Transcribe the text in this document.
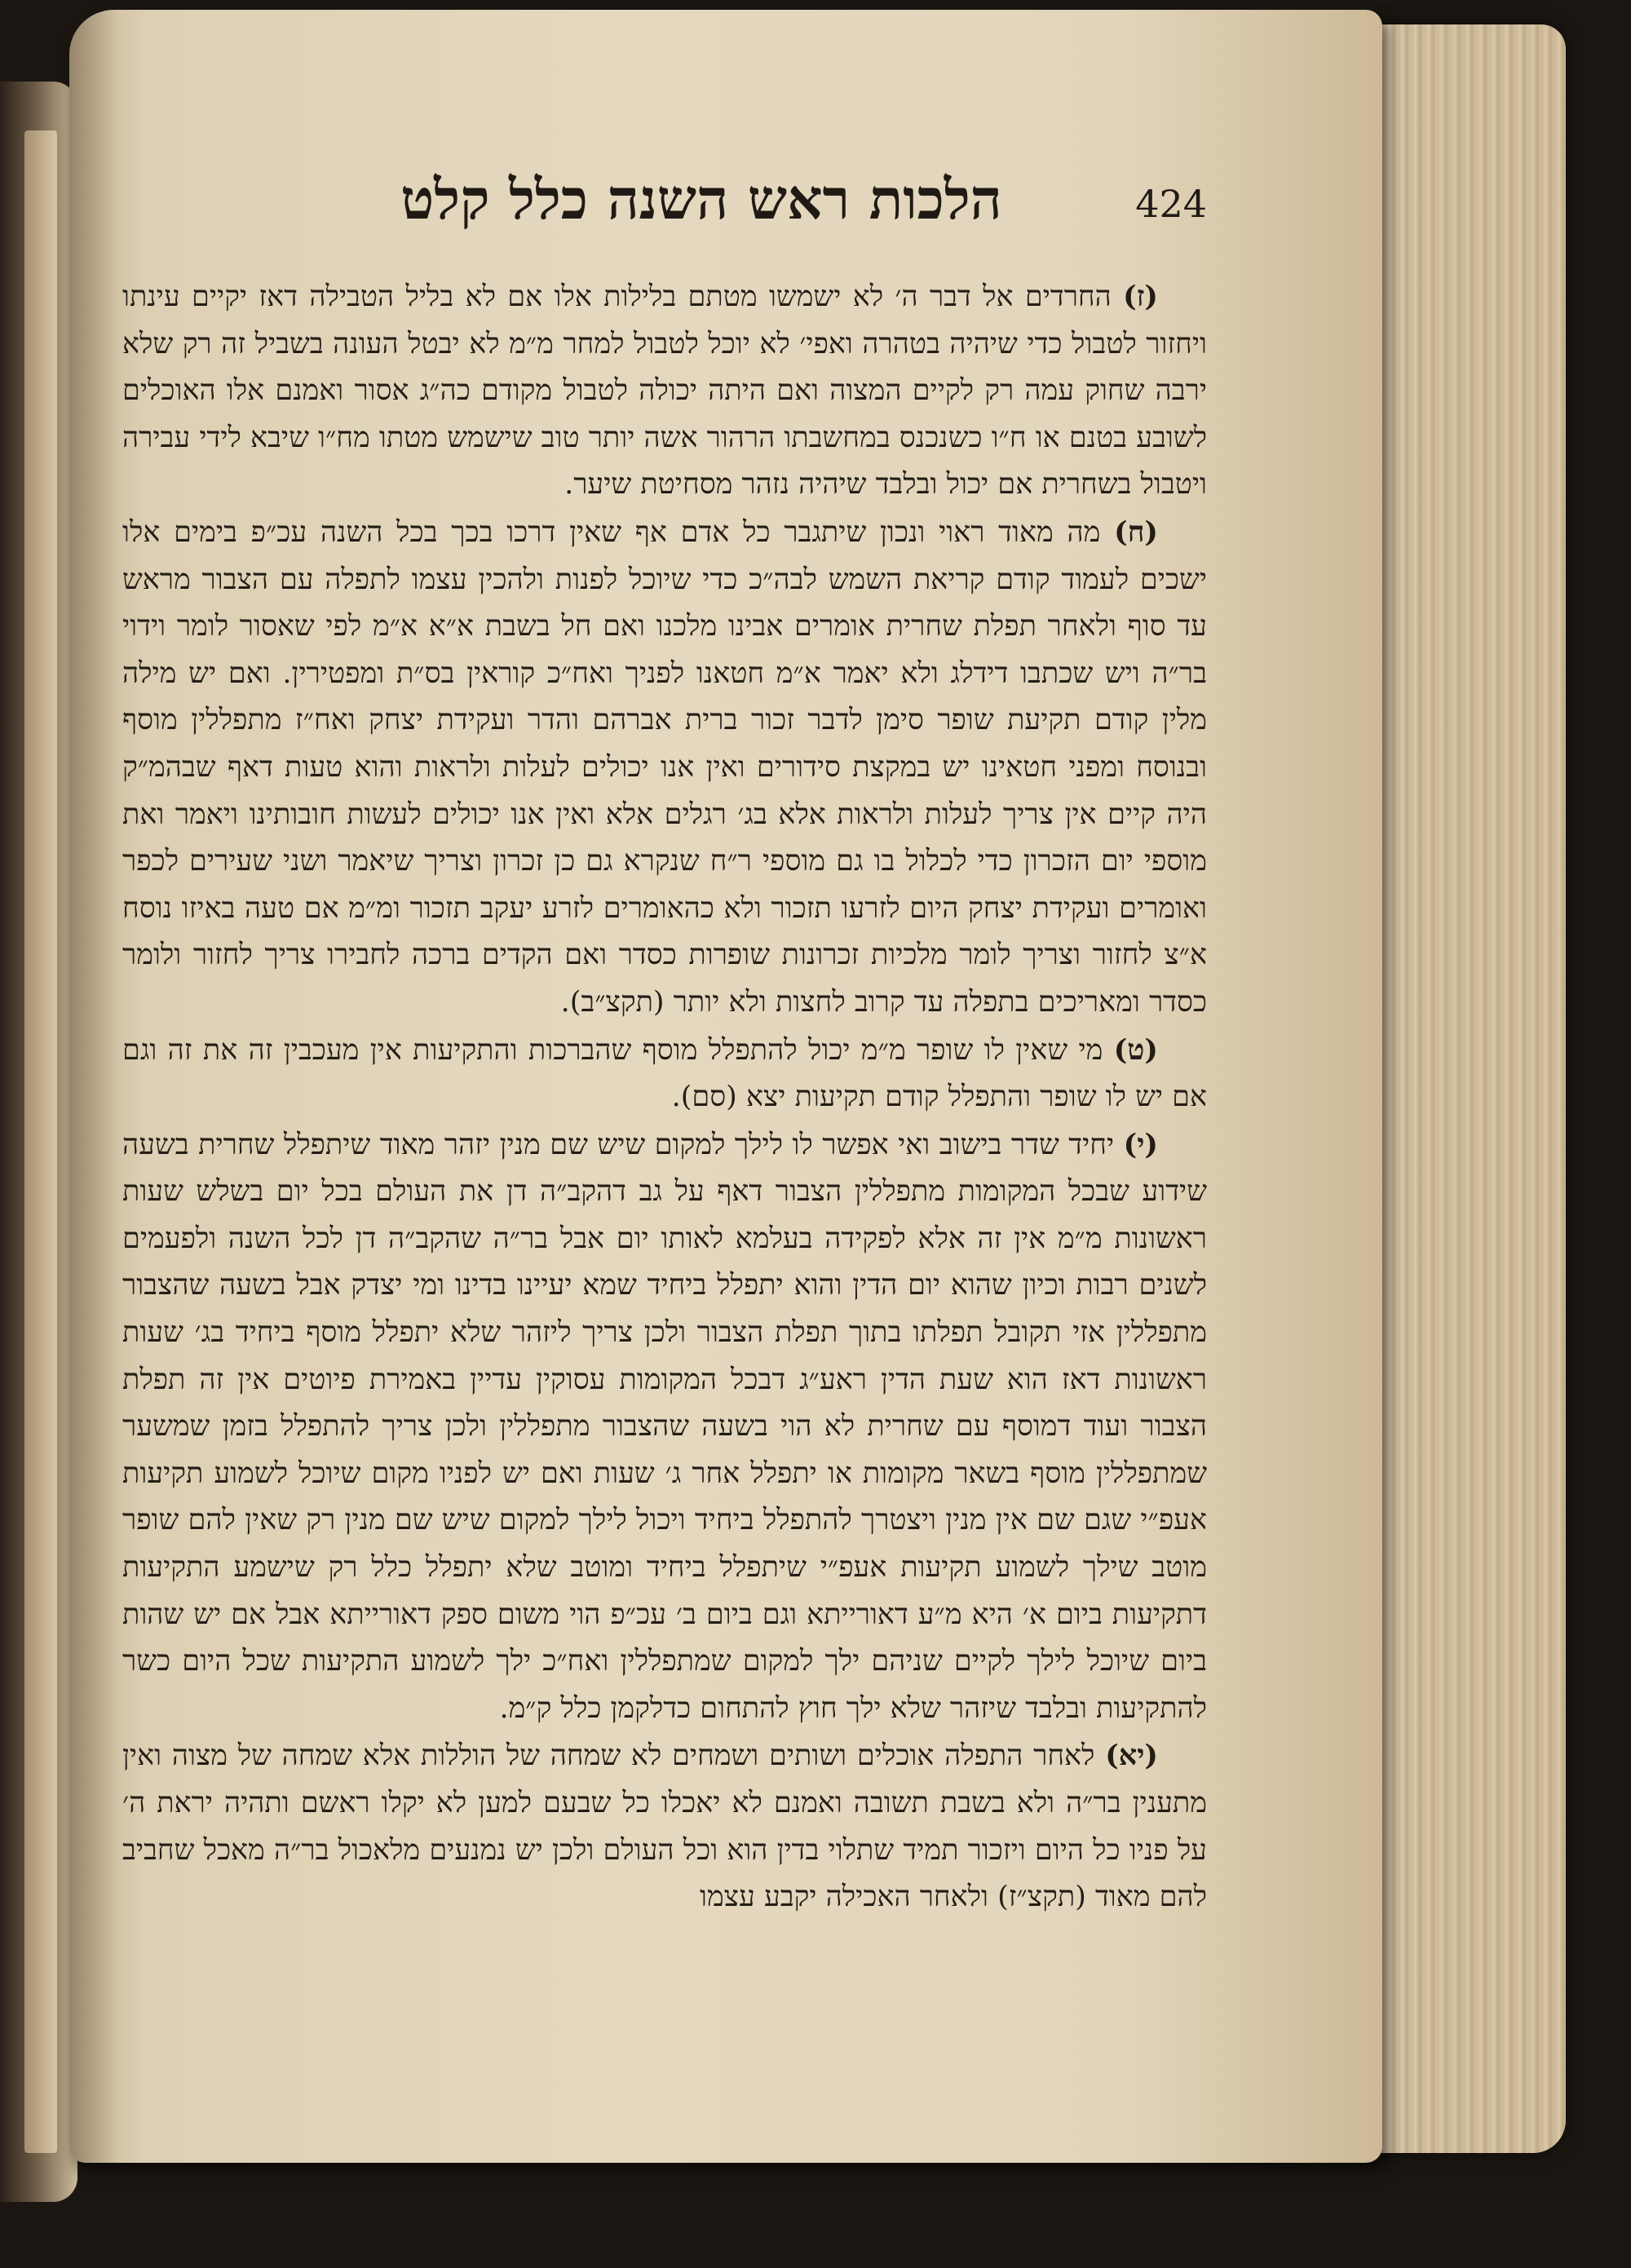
הלכות ראש השנה כלל קלט	424

(ז) החרדים אל דבר ה׳ לא ישמשו מטתם בלילות אלו אם לא בליל הטבילה דאז יקיים עינתו ויחזור לטבול כדי שיהיה בטהרה ואפי׳ לא יוכל לטבול למחר מ״מ לא יבטל העונה בשביל זה רק שלא ירבה שחוק עמה רק לקיים המצוה ואם היתה יכולה לטבול מקודם כה״ג אסור ואמנם אלו האוכלים לשובע בטנם או ח״ו כשנכנס במחשבתו הרהור אשה יותר טוב שישמש מטתו מח״ו שיבא לידי עבירה ויטבול בשחרית אם יכול ובלבד שיהיה נזהר מסחיטת שיער.

(ח) מה מאוד ראוי ונכון שיתגבר כל אדם אף שאין דרכו בכך בכל השנה עכ״פ בימים אלו ישכים לעמוד קודם קריאת השמש לבה״כ כדי שיוכל לפנות ולהכין עצמו לתפלה עם הצבור מראש עד סוף ולאחר תפלת שחרית אומרים אבינו מלכנו ואם חל בשבת א״א א״מ לפי שאסור לומר וידוי בר״ה ויש שכתבו דידלג ולא יאמר א״מ חטאנו לפניך ואח״כ קוראין בס״ת ומפטירין. ואם יש מילה מלין קודם תקיעת שופר סימן לדבר זכור ברית אברהם והדר ועקידת יצחק ואח״ז מתפללין מוסף ובנוסח ומפני חטאינו יש במקצת סידורים ואין אנו יכולים לעלות ולראות והוא טעות דאף שבהמ״ק היה קיים אין צריך לעלות ולראות אלא בג׳ רגלים אלא ואין אנו יכולים לעשות חובותינו ויאמר ואת מוספי יום הזכרון כדי לכלול בו גם מוספי ר״ח שנקרא גם כן זכרון וצריך שיאמר ושני שעירים לכפר ואומרים ועקידת יצחק היום לזרעו תזכור ולא כהאומרים לזרע יעקב תזכור ומ״מ אם טעה באיזו נוסח א״צ לחזור וצריך לומר מלכיות זכרונות שופרות כסדר ואם הקדים ברכה לחבירו צריך לחזור ולומר כסדר ומאריכים בתפלה עד קרוב לחצות ולא יותר (תקצ״ב).

(ט) מי שאין לו שופר מ״מ יכול להתפלל מוסף שהברכות והתקיעות אין מעכבין זה את זה וגם אם יש לו שופר והתפלל קודם תקיעות יצא (סם).

(י) יחיד שדר בישוב ואי אפשר לו לילך למקום שיש שם מנין יזהר מאוד שיתפלל שחרית בשעה שידוע שבכל המקומות מתפללין הצבור דאף על גב דהקב״ה דן את העולם בכל יום בשלש שעות ראשונות מ״מ אין זה אלא לפקידה בעלמא לאותו יום אבל בר״ה שהקב״ה דן לכל השנה ולפעמים לשנים רבות וכיון שהוא יום הדין והוא יתפלל ביחיד שמא יעיינו בדינו ומי יצדק אבל בשעה שהצבור מתפללין אזי תקובל תפלתו בתוך תפלת הצבור ולכן צריך ליזהר שלא יתפלל מוסף ביחיד בג׳ שעות ראשונות דאז הוא שעת הדין ראע״ג דבכל המקומות עסוקין עדיין באמירת פיוטים אין זה תפלת הצבור ועוד דמוסף עם שחרית לא הוי בשעה שהצבור מתפללין ולכן צריך להתפלל בזמן שמשער שמתפללין מוסף בשאר מקומות או יתפלל אחר ג׳ שעות ואם יש לפניו מקום שיוכל לשמוע תקיעות אעפ״י שגם שם אין מנין ויצטרך להתפלל ביחיד ויכול לילך למקום שיש שם מנין רק שאין להם שופר מוטב שילך לשמוע תקיעות אעפ״י שיתפלל ביחיד ומוטב שלא יתפלל כלל רק שישמע התקיעות דתקיעות ביום א׳ היא מ״ע דאורייתא וגם ביום ב׳ עכ״פ הוי משום ספק דאורייתא אבל אם יש שהות ביום שיוכל לילך לקיים שניהם ילך למקום שמתפללין ואח״כ ילך לשמוע התקיעות שכל היום כשר להתקיעות ובלבד שיזהר שלא ילך חוץ להתחום כדלקמן כלל ק״מ.

(יא) לאחר התפלה אוכלים ושותים ושמחים לא שמחה של הוללות אלא שמחה של מצוה ואין מתענין בר״ה ולא בשבת תשובה ואמנם לא יאכלו כל שבעם למען לא יקלו ראשם ותהיה יראת ה׳ על פניו כל היום ויזכור תמיד שתלוי בדין הוא וכל העולם ולכן יש נמנעים מלאכול בר״ה מאכל שחביב להם מאוד (תקצ״ז) ולאחר האכילה יקבע עצמו
